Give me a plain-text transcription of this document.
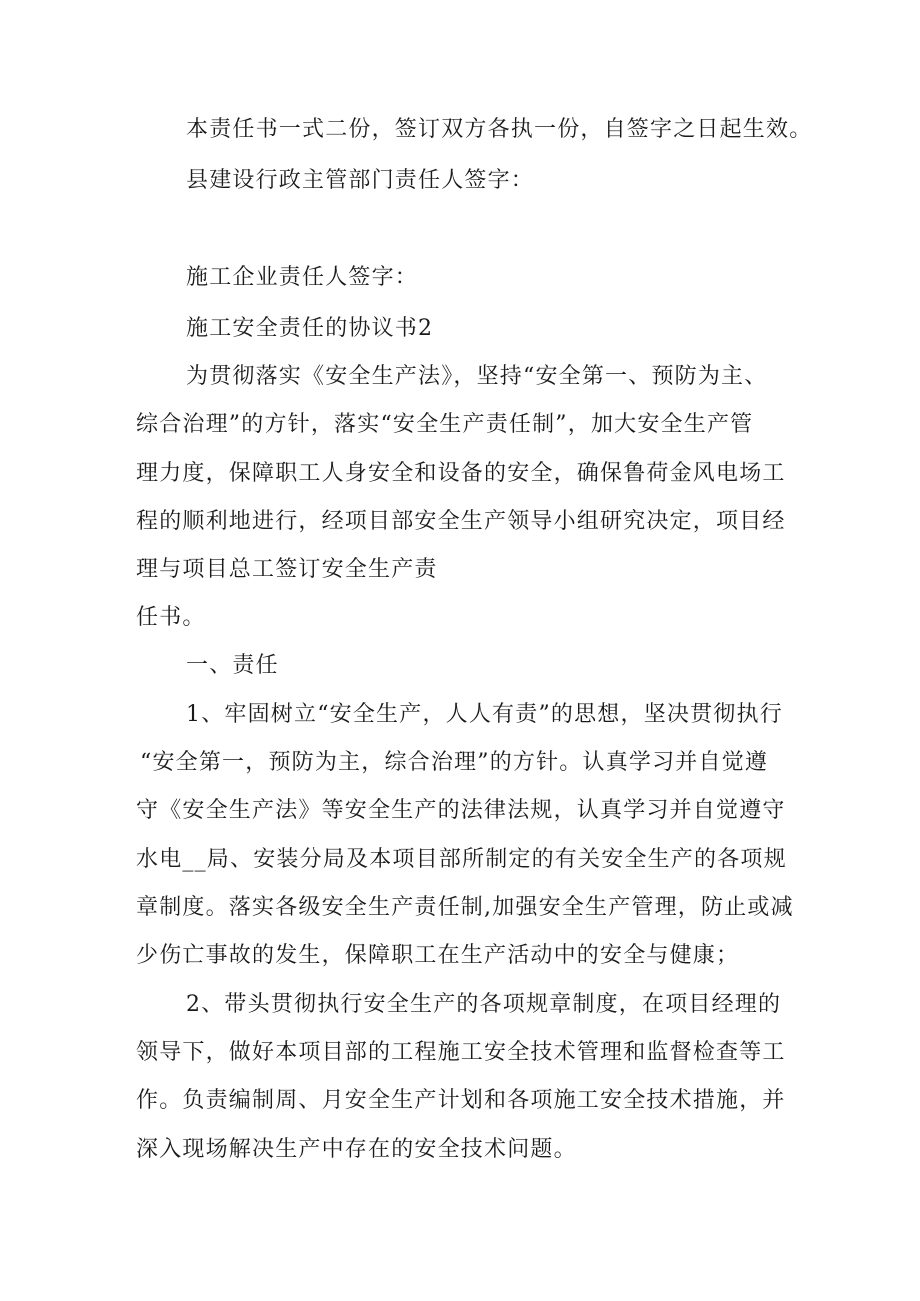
本责任书一式二份，签订双方各执一份，自签字之日起生效。
县建设行政主管部门责任人签字：
施工企业责任人签字：
施工安全责任的协议书2
为贯彻落实《安全生产法》，坚持“安全第一、预防为主、
综合治理”的方针，落实“安全生产责任制”，加大安全生产管
理力度，保障职工人身安全和设备的安全，确保鲁荷金风电场工
程的顺利地进行，经项目部安全生产领导小组研究决定，项目经
理与项目总工签订安全生产责
任书。
一、责任
1、牢固树立“安全生产，人人有责”的思想，坚决贯彻执行
“安全第一，预防为主，综合治理”的方针。认真学习并自觉遵
守《安全生产法》等安全生产的法律法规，认真学习并自觉遵守
水电__局、安装分局及本项目部所制定的有关安全生产的各项规
章制度。落实各级安全生产责任制,加强安全生产管理，防止或减
少伤亡事故的发生，保障职工在生产活动中的安全与健康；
2、带头贯彻执行安全生产的各项规章制度，在项目经理的
领导下，做好本项目部的工程施工安全技术管理和监督检查等工
作。负责编制周、月安全生产计划和各项施工安全技术措施，并
深入现场解决生产中存在的安全技术问题。
